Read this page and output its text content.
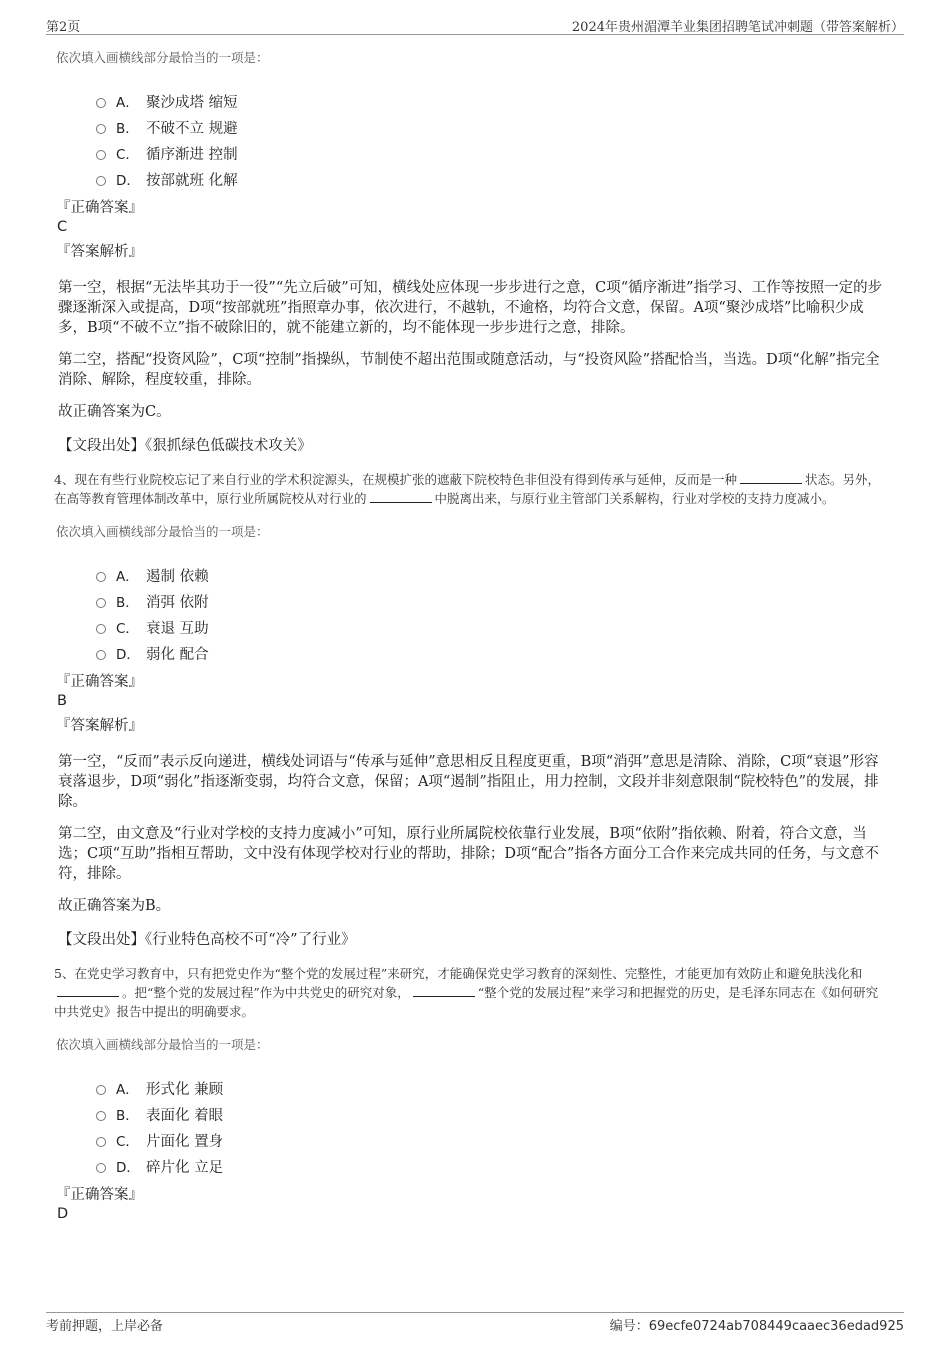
第2页	2024年贵州湄潭羊业集团招聘笔试冲刺题（带答案解析）
依次填入画横线部分最恰当的一项是：
A． 聚沙成塔 缩短
B． 不破不立 规避
C． 循序渐进 控制
D． 按部就班 化解
『正确答案』
C
『答案解析』
第一空，根据“无法毕其功于一役”“先立后破”可知，横线处应体现一步步进行之意，C项“循序渐进”指学习、工作等按照一定的步骤逐渐深入或提高，D项“按部就班”指照章办事，依次进行，不越轨，不逾格，均符合文意，保留。A项“聚沙成塔”比喻积少成多，B项“不破不立”指不破除旧的，就不能建立新的，均不能体现一步步进行之意，排除。
第二空，搭配“投资风险”，C项“控制”指操纵，节制使不超出范围或随意活动，与“投资风险”搭配恰当，当选。D项“化解”指完全消除、解除，程度较重，排除。
故正确答案为C。
【文段出处】《狠抓绿色低碳技术攻关》
4、现在有些行业院校忘记了来自行业的学术积淀源头，在规模扩张的遮蔽下院校特色非但没有得到传承与延伸，反而是一种	状态。另外，在高等教育管理体制改革中，原行业所属院校从对行业的	中脱离出来，与原行业主管部门关系解构，行业对学校的支持力度减小。
依次填入画横线部分最恰当的一项是：
A． 遏制 依赖
B． 消弭 依附
C． 衰退 互助
D． 弱化 配合
『正确答案』
B
『答案解析』
第一空，“反而”表示反向递进，横线处词语与“传承与延伸”意思相反且程度更重，B项“消弭”意思是清除、消除，C项“衰退”形容衰落退步，D项“弱化”指逐渐变弱，均符合文意，保留；A项“遏制”指阻止，用力控制，文段并非刻意限制“院校特色”的发展，排除。
第二空，由文意及“行业对学校的支持力度减小”可知，原行业所属院校依靠行业发展，B项“依附”指依赖、附着，符合文意，当选；C项“互助”指相互帮助，文中没有体现学校对行业的帮助，排除；D项“配合”指各方面分工合作来完成共同的任务，与文意不符，排除。
故正确答案为B。
【文段出处】《行业特色高校不可“冷”了行业》
5、在党史学习教育中，只有把党史作为“整个党的发展过程”来研究，才能确保党史学习教育的深刻性、完整性，才能更加有效防止和避免肤浅化和。把“整个党的发展过程”作为中共党史的研究对象，	“整个党的发展过程”来学习和把握党的历史，是毛泽东同志在《如何研究中共党史》报告中提出的明确要求。
依次填入画横线部分最恰当的一项是：
A． 形式化 兼顾
B． 表面化 着眼
C． 片面化 置身
D． 碎片化 立足
『正确答案』
D
考前押题，上岸必备	编号：69ecfe0724ab708449caaec36edad925
